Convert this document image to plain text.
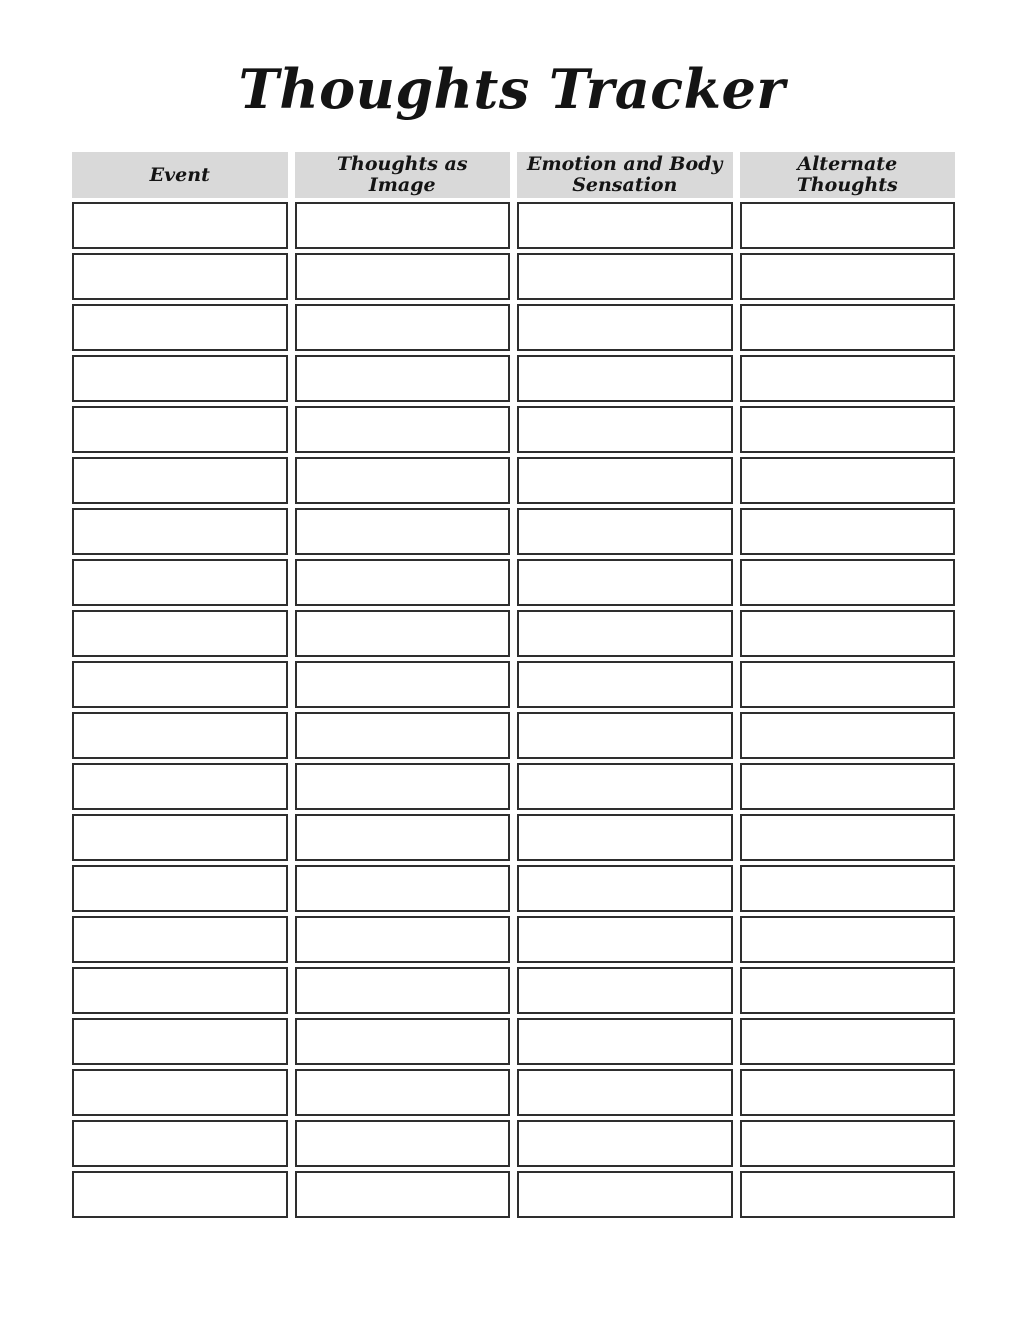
Thoughts Tracker
Event	Thoughts as Image
Emotion and Body Sensation
Alternate Thoughts
